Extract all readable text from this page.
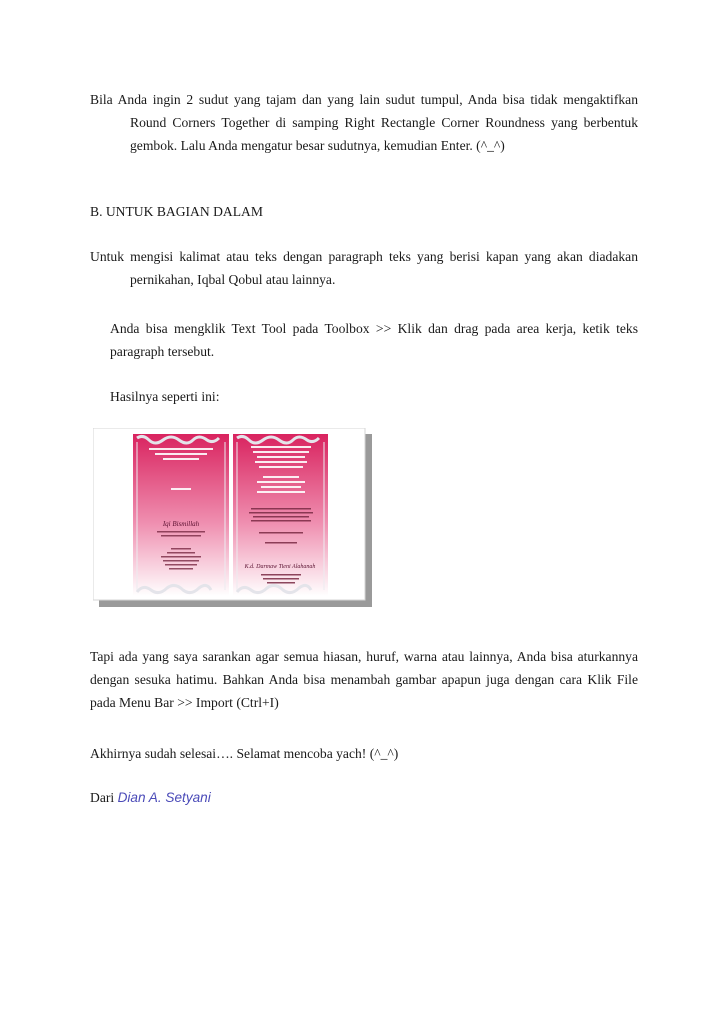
Bila Anda ingin 2 sudut yang tajam dan yang lain sudut tumpul, Anda bisa tidak mengaktifkan Round Corners Together di samping Right Rectangle Corner Roundness yang berbentuk gembok. Lalu Anda mengatur besar sudutnya, kemudian Enter. (^_^)

B. UNTUK BAGIAN DALAM

Untuk mengisi kalimat atau teks dengan paragraph teks yang berisi kapan yang akan diadakan pernikahan, Iqbal Qobul atau lainnya.

Anda bisa mengklik Text Tool pada Toolbox >> Klik dan drag pada area kerja, ketik teks paragraph tersebut.

Hasilnya seperti ini:

Iqi Bismillah
K.d. Darmaw Tieni Alahanah

Tapi ada yang saya sarankan agar semua hiasan, huruf, warna atau lainnya, Anda bisa aturkannya dengan sesuka hatimu. Bahkan Anda bisa menambah gambar apapun juga dengan cara Klik File pada Menu Bar >> Import (Ctrl+I)

Akhirnya sudah selesai…. Selamat mencoba yach! (^_^)

Dari Dian A. Setyani
